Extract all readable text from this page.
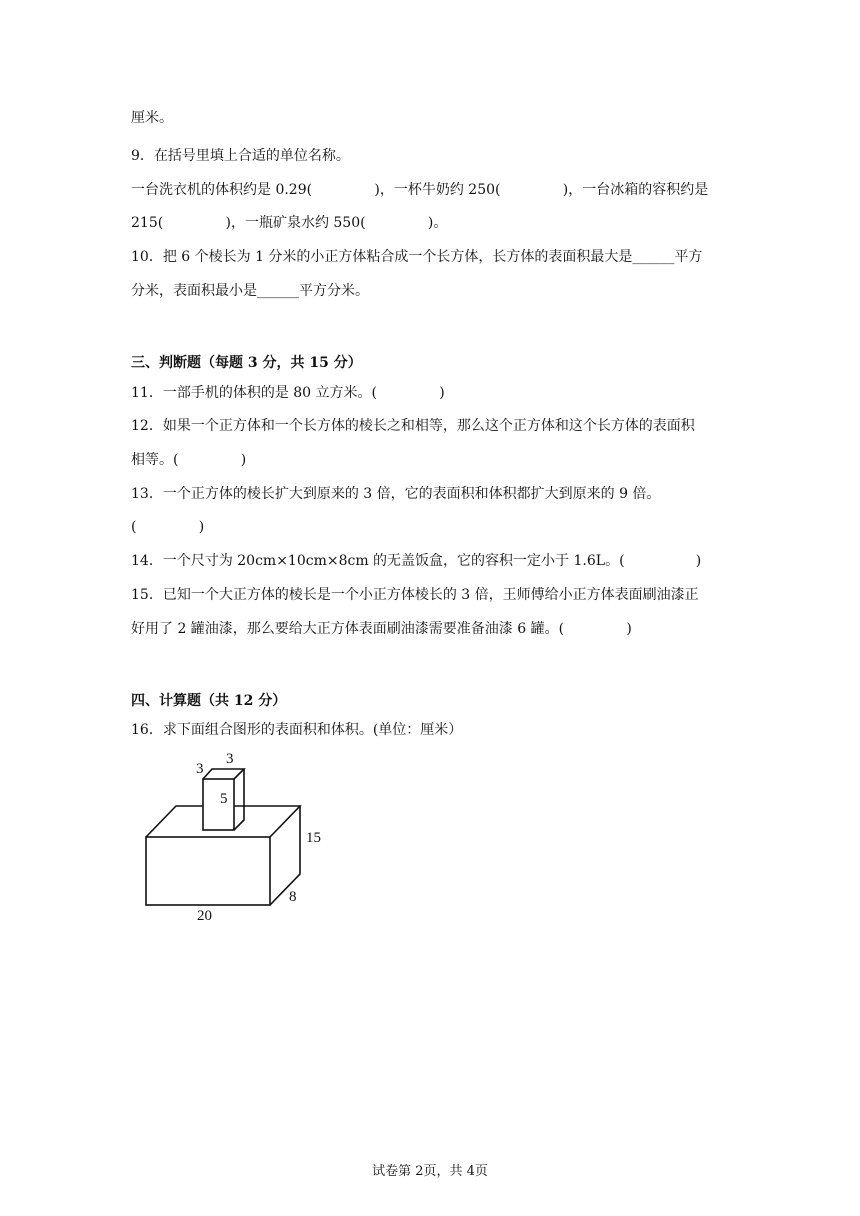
厘米。
9．在括号里填上合适的单位名称。
一台洗衣机的体积约是 0.29(              )，一杯牛奶约 250(              )，一台冰箱的容积约是
215(              )，一瓶矿泉水约 550(              )。
10．把 6 个棱长为 1 分米的小正方体粘合成一个长方体，长方体的表面积最大是______平方
分米，表面积最小是______平方分米。
三、判断题（每题 3 分，共 15 分）
11．一部手机的体积的是 80 立方米。(              )
12．如果一个正方体和一个长方体的棱长之和相等，那么这个正方体和这个长方体的表面积
相等。(              )
13．一个正方体的棱长扩大到原来的 3 倍，它的表面积和体积都扩大到原来的 9 倍。
(              )
14．一个尺寸为 20cm×10cm×8cm 的无盖饭盒，它的容积一定小于 1.6L。(                )
15．已知一个大正方体的棱长是一个小正方体棱长的 3 倍，王师傅给小正方体表面刷油漆正
好用了 2 罐油漆，那么要给大正方体表面刷油漆需要准备油漆 6 罐。(              )
四、计算题（共 12 分）
16．求下面组合图形的表面积和体积。(单位：厘米）
3
3
5
15
8
20
试卷第 2页，共 4页
